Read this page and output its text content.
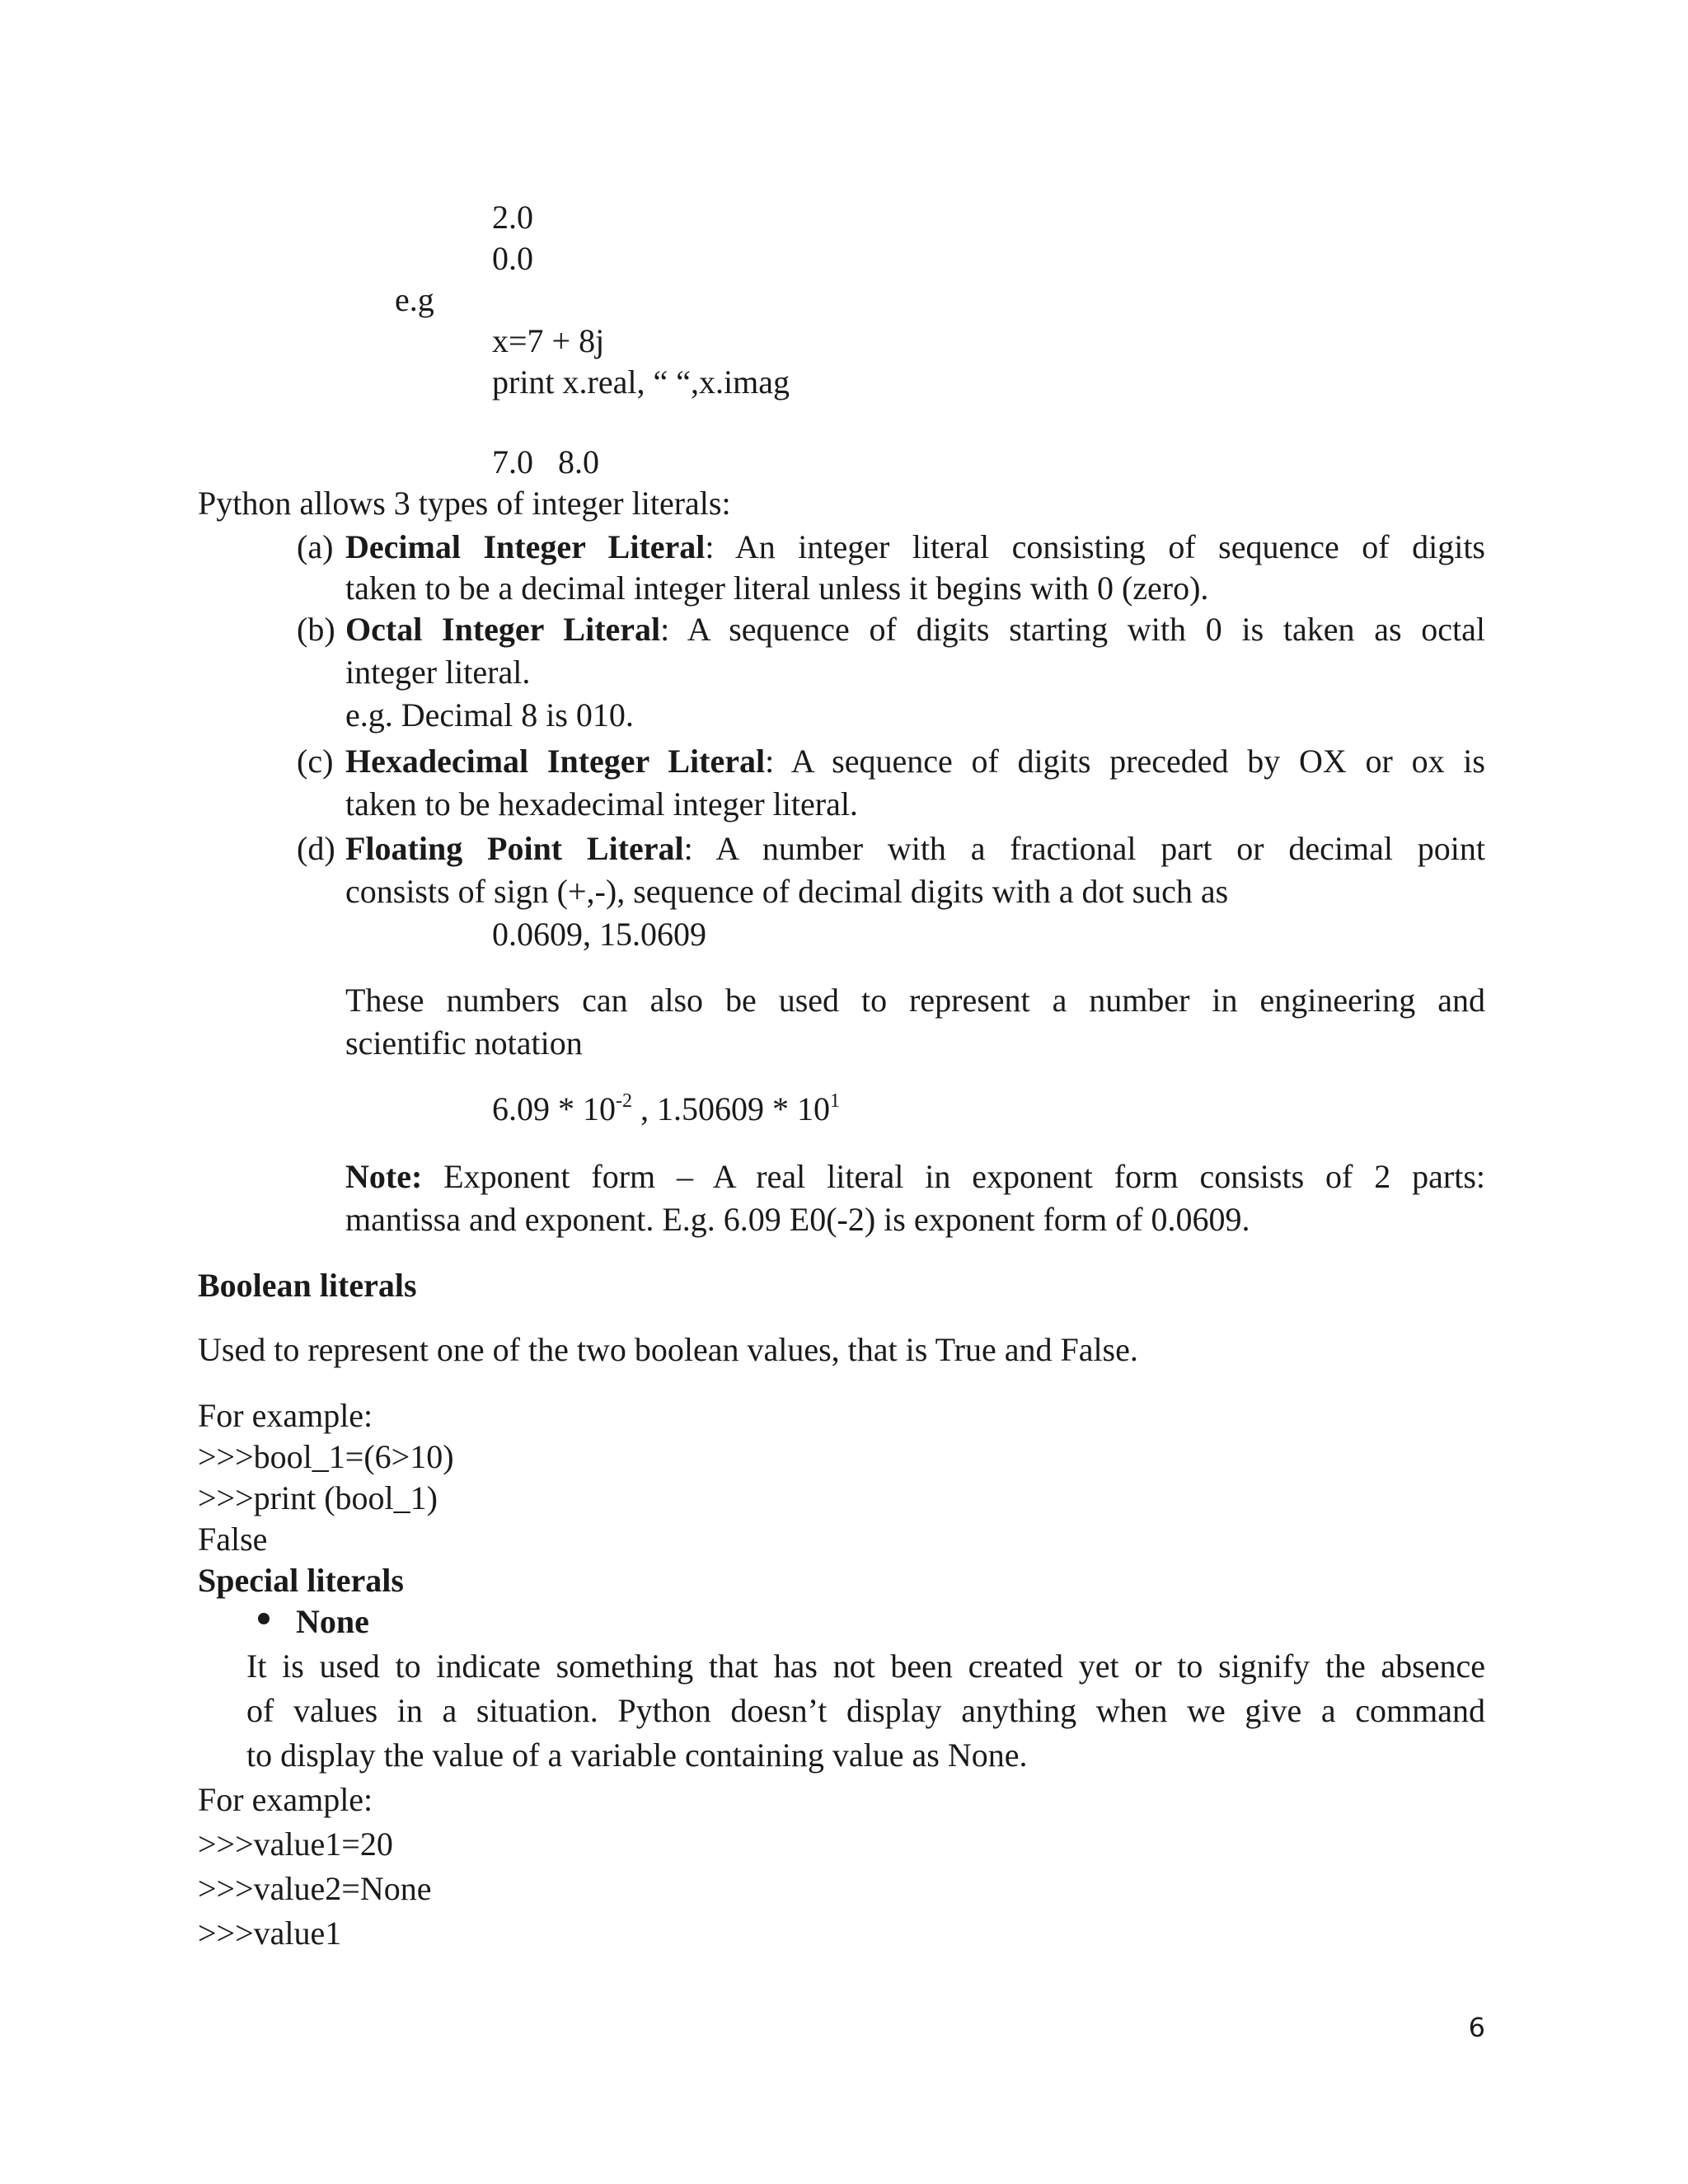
2.0

0.0

e.g

x=7 + 8j

print x.real, “ “,x.imag

7.0   8.0

Python allows 3 types of integer literals:

(a) Decimal Integer Literal: An integer literal consisting of sequence of digits

taken to be a decimal integer literal unless it begins with 0 (zero).

(b) Octal Integer Literal: A sequence of digits starting with 0 is taken as octal

integer literal.

e.g. Decimal 8 is 010.

(c) Hexadecimal Integer Literal: A sequence of digits preceded by OX or ox is

taken to be hexadecimal integer literal.

(d) Floating Point Literal: A number with a fractional part or decimal point

consists of sign (+,-), sequence of decimal digits with a dot such as

0.0609, 15.0609

These numbers can also be used to represent a number in engineering and

scientific notation

$6.09 * 10^{-2}$ , $1.50609 * 10^1$

Note: Exponent form – A real literal in exponent form consists of 2 parts:

mantissa and exponent. E.g. 6.09 E0(-2) is exponent form of 0.0609.

Boolean literals

Used to represent one of the two boolean values, that is True and False.

For example:

>>>bool_1=(6>10)

>>>print (bool_1)

False

Special literals

None

It is used to indicate something that has not been created yet or to signify the absence

of values in a situation. Python doesn’t display anything when we give a command

to display the value of a variable containing value as None.

For example:

>>>value1=20

>>>value2=None

>>>value1

6
